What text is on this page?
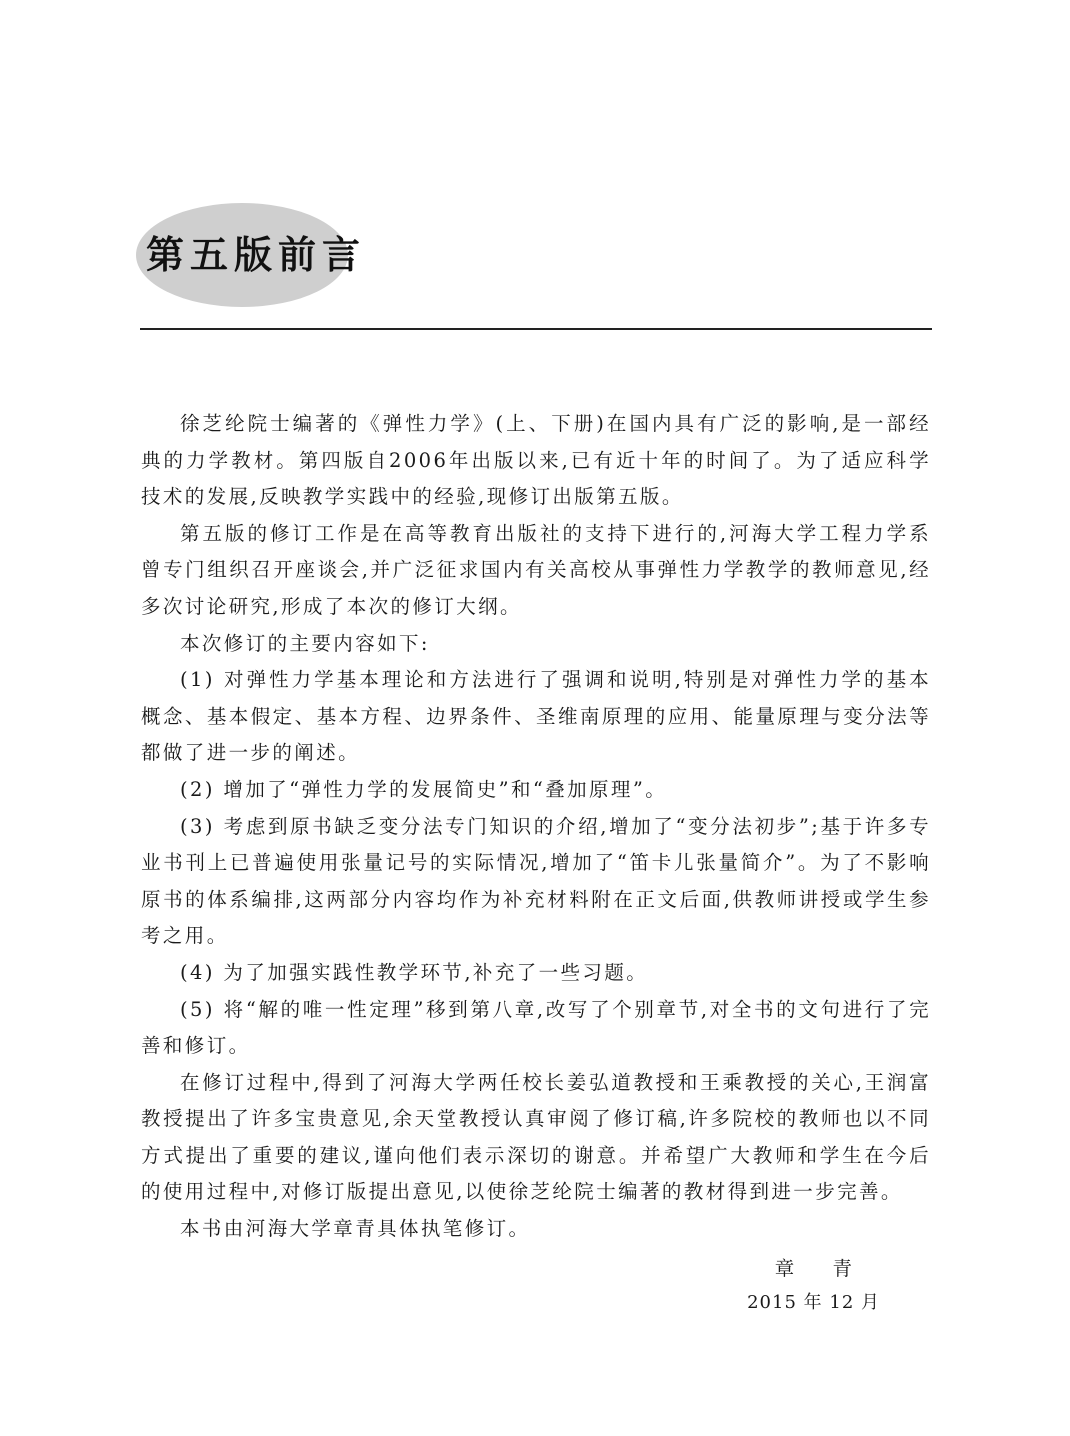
第五版前言

徐芝纶院士编著的《弹性力学》(上、下册)在国内具有广泛的影响,是一部经典的力学教材。第四版自2006年出版以来,已有近十年的时间了。为了适应科学技术的发展,反映教学实践中的经验,现修订出版第五版。

第五版的修订工作是在高等教育出版社的支持下进行的,河海大学工程力学系曾专门组织召开座谈会,并广泛征求国内有关高校从事弹性力学教学的教师意见,经多次讨论研究,形成了本次的修订大纲。

本次修订的主要内容如下:

(1) 对弹性力学基本理论和方法进行了强调和说明,特别是对弹性力学的基本概念、基本假定、基本方程、边界条件、圣维南原理的应用、能量原理与变分法等都做了进一步的阐述。

(2) 增加了“弹性力学的发展简史”和“叠加原理”。

(3) 考虑到原书缺乏变分法专门知识的介绍,增加了“变分法初步”;基于许多专业书刊上已普遍使用张量记号的实际情况,增加了“笛卡儿张量简介”。为了不影响原书的体系编排,这两部分内容均作为补充材料附在正文后面,供教师讲授或学生参考之用。

(4) 为了加强实践性教学环节,补充了一些习题。

(5) 将“解的唯一性定理”移到第八章,改写了个别章节,对全书的文句进行了完善和修订。

在修订过程中,得到了河海大学两任校长姜弘道教授和王乘教授的关心,王润富教授提出了许多宝贵意见,余天堂教授认真审阅了修订稿,许多院校的教师也以不同方式提出了重要的建议,谨向他们表示深切的谢意。并希望广大教师和学生在今后的使用过程中,对修订版提出意见,以使徐芝纶院士编著的教材得到进一步完善。

本书由河海大学章青具体执笔修订。

章 青
2015 年 12 月
